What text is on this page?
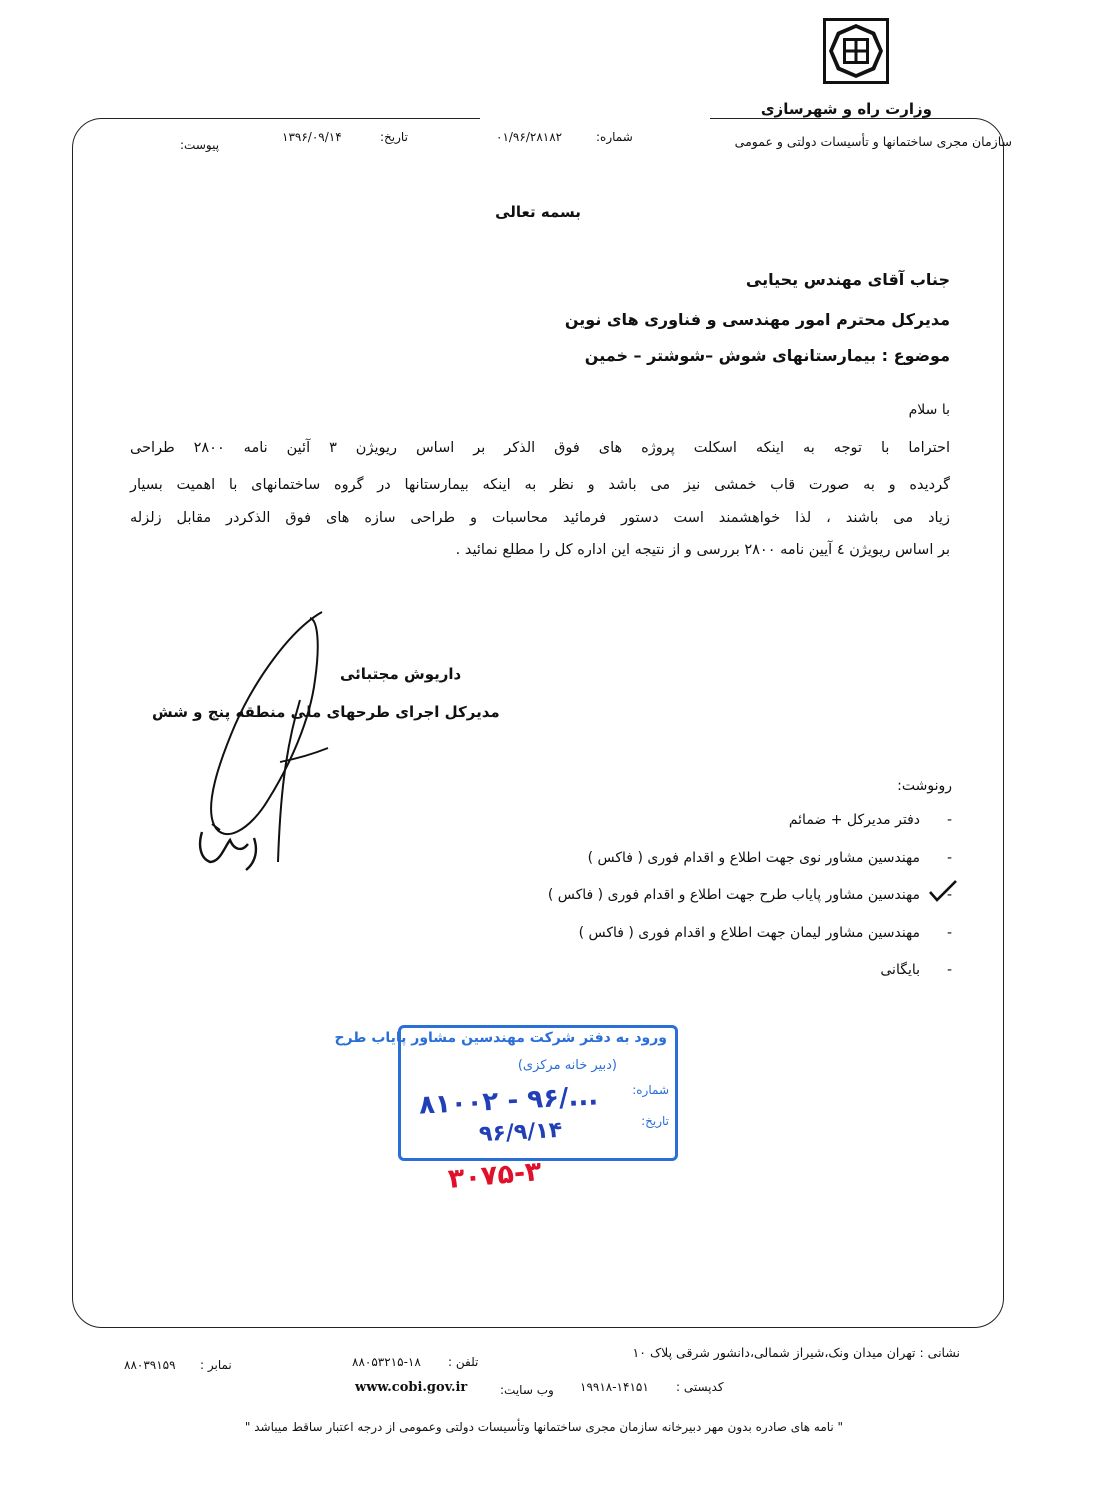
وزارت راه و شهرسازی
سازمان مجری ساختمانها و تأسیسات دولتی و عمومی
شماره:
۰۱/۹۶/۲۸۱۸۲
تاریخ:
۱۳۹۶/۰۹/۱۴
پیوست:
بسمه تعالی
جناب آقای مهندس یحیایی
مدیرکل محترم امور مهندسی و فناوری های نوین
موضوع : بیمارستانهای شوش –شوشتر – خمین
با سلام
احتراما با توجه به اینکه اسکلت پروژه های فوق الذکر بر اساس ریویژن ۳ آئین نامه ۲۸۰۰ طراحی
گردیده و به صورت قاب خمشی نیز می باشد و نظر به اینکه بیمارستانها در گروه ساختمانهای با اهمیت بسیار
زیاد می باشند ، لذا خواهشمند است دستور فرمائید محاسبات و طراحی سازه های فوق الذکردر مقابل زلزله
بر اساس ریویژن ٤ آیین نامه ۲۸۰۰ بررسی و از نتیجه این اداره کل را مطلع نمائید .
داریوش مجتبائی
مدیرکل اجرای طرحهای ملی منطقه پنج و شش
رونوشت:
-
دفتر مدیرکل + ضمائم
-
مهندسین مشاور نوی جهت اطلاع و اقدام فوری ( فاکس )
-
مهندسین مشاور پایاب طرح جهت اطلاع و اقدام فوری ( فاکس )
-
مهندسین مشاور لیمان جهت اطلاع و اقدام فوری ( فاکس )
-
بایگانی
ورود به دفتر شرکت مهندسین مشاور پایاب طرح
(دبیر خانه مرکزی)
شماره:
تاریخ:
۸۱۰۰۲ - ۹۶/...
۹۶/۹/۱۴
۳۰۷۵-۳
نشانی : تهران میدان ونک،شیراز شمالی،دانشور شرقی پلاک ۱۰
تلفن :
۸۸۰۵۳۲۱۵-۱۸
نمابر :
۸۸۰۳۹۱۵۹
کدپستی :
۱۹۹۱۸-۱۴۱۵۱
وب سایت:
www.cobi.gov.ir
" نامه های صادره بدون مهر دبیرخانه سازمان مجری ساختمانها وتأسیسات دولتی وعمومی از درجه اعتبار ساقط میباشد "
